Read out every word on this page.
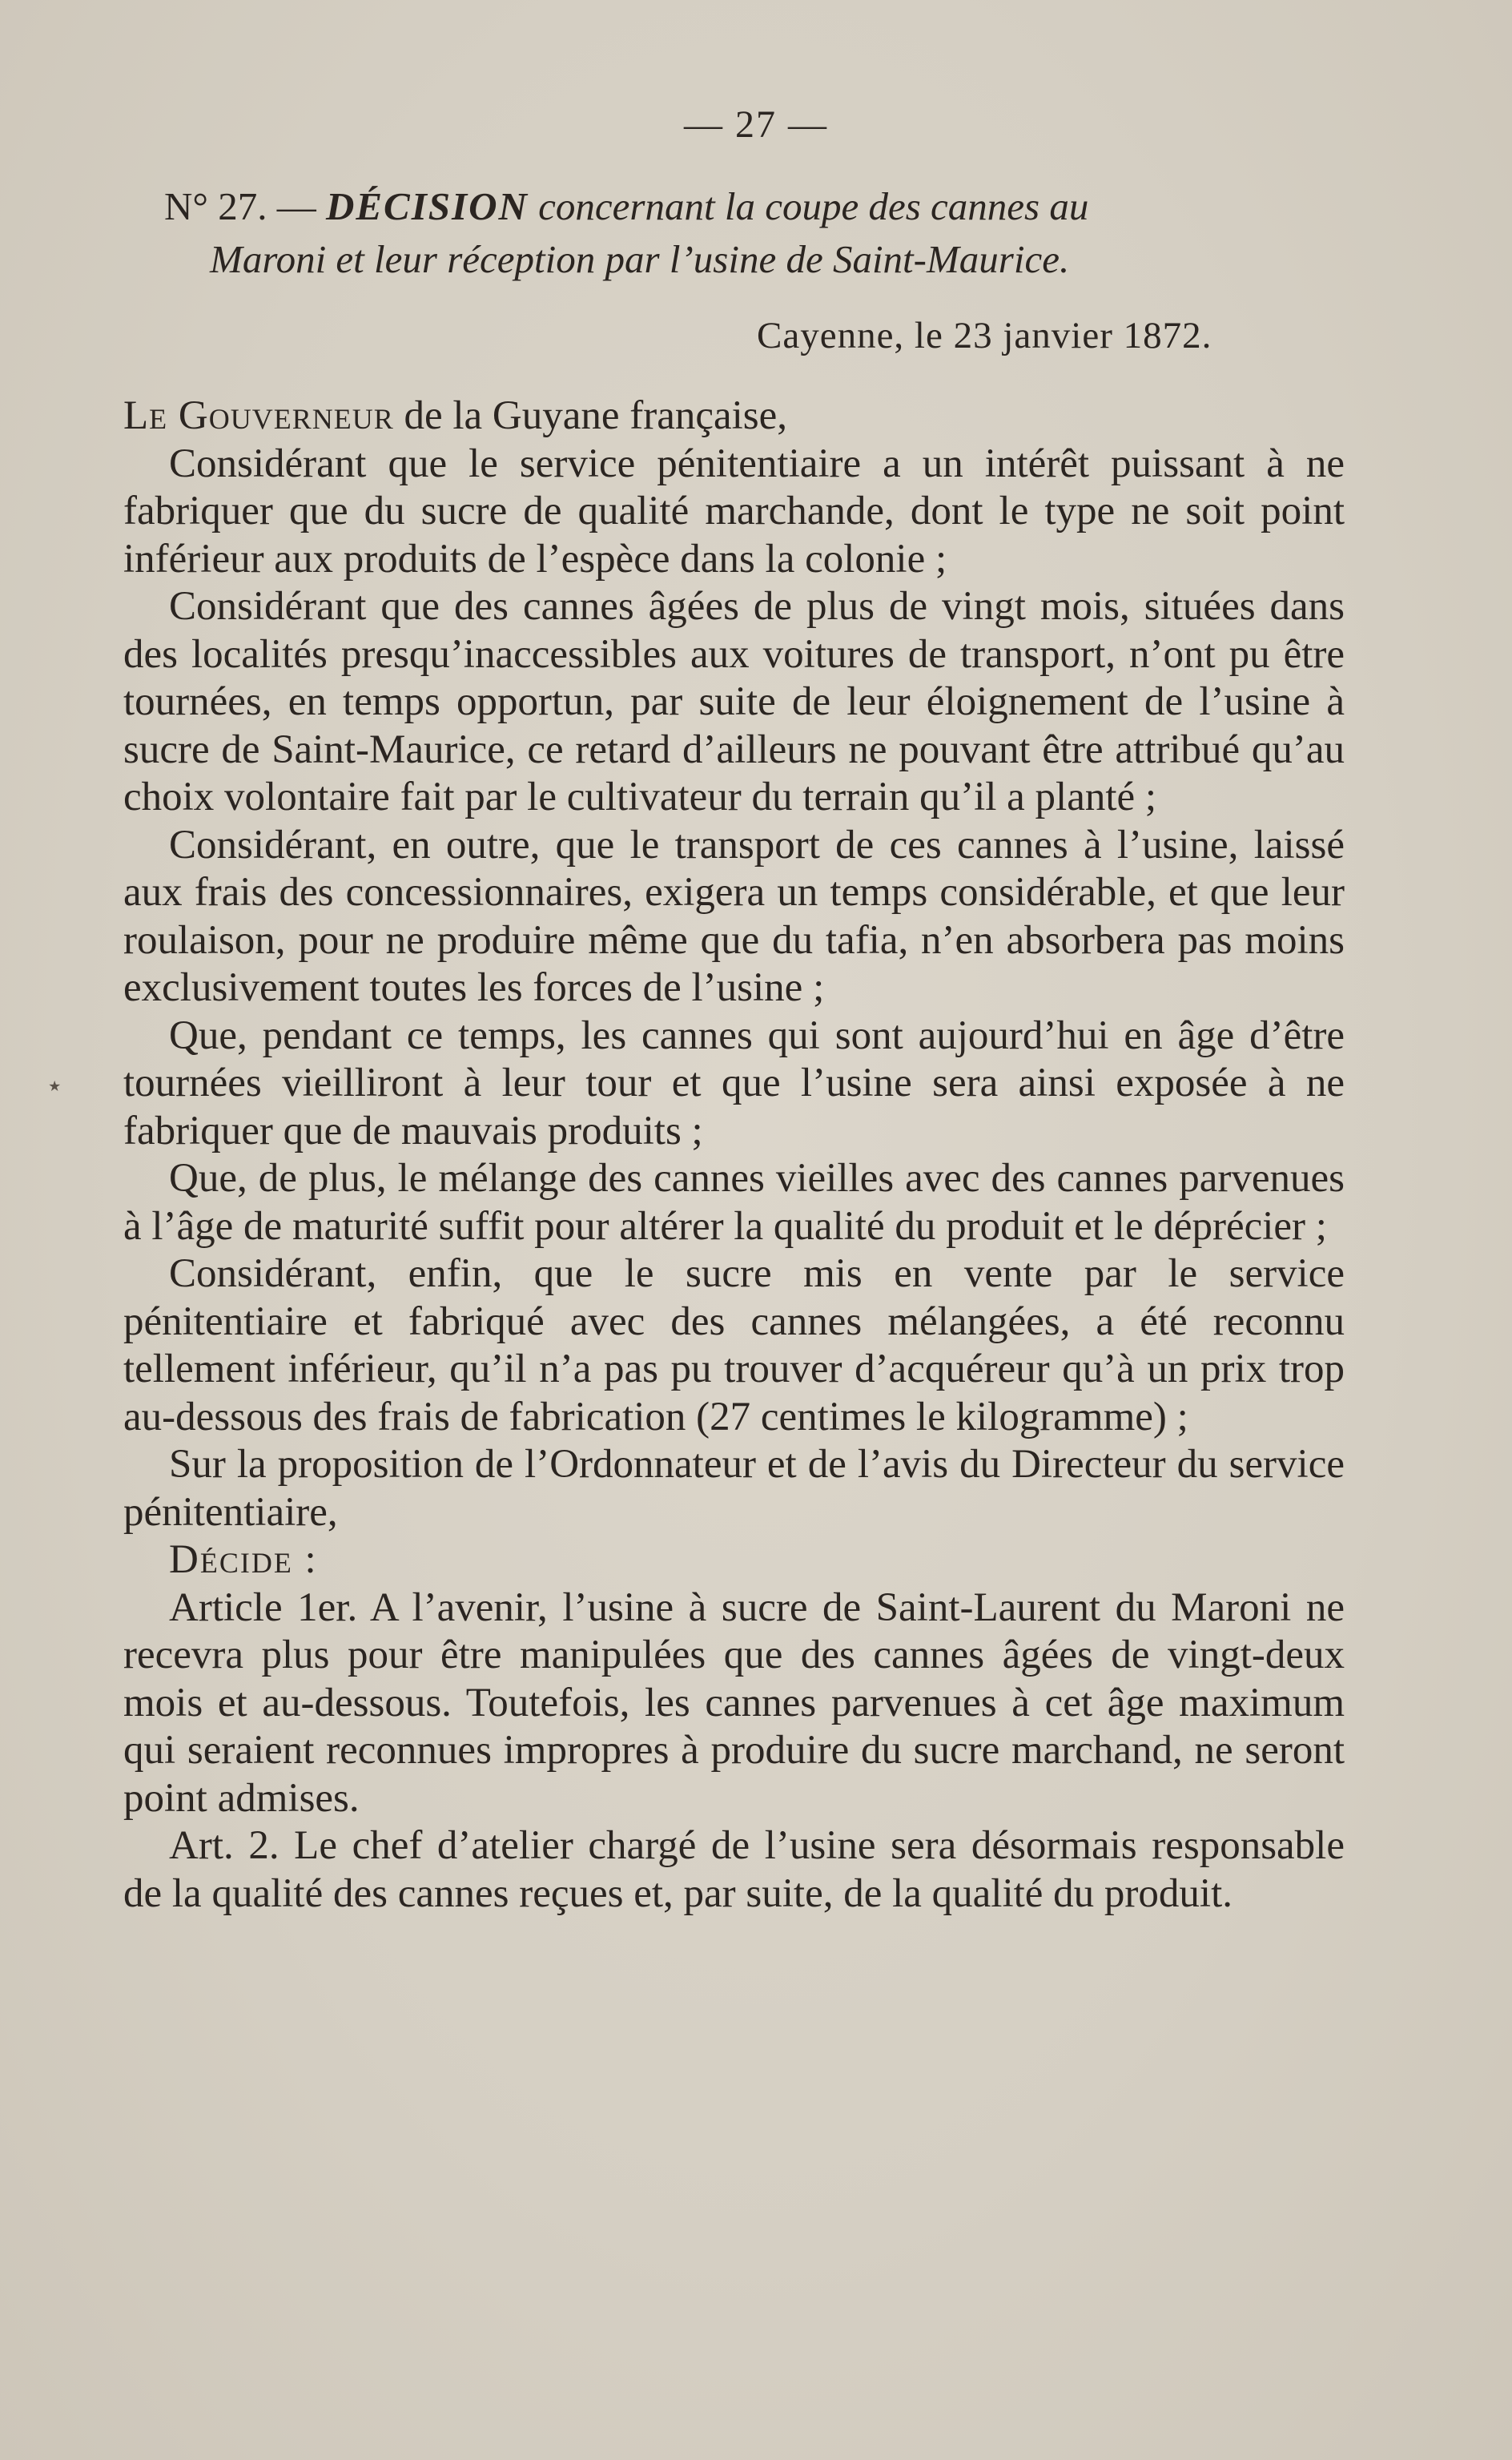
— 27 —
N° 27. — DÉCISION concernant la coupe des cannes au
Maroni et leur réception par l’usine de Saint-Maurice.
Cayenne, le 23 janvier 1872.
٭

Le Gouverneur de la Guyane française,

Considérant que le service pénitentiaire a un intérêt puissant à ne fabriquer que du sucre de qualité marchande, dont le type ne soit point inférieur aux produits de l’espèce dans la colonie ;

Considérant que des cannes âgées de plus de vingt mois, situées dans des localités presqu’inaccessibles aux voitures de transport, n’ont pu être tournées, en temps opportun, par suite de leur éloignement de l’usine à sucre de Saint-Maurice, ce retard d’ailleurs ne pouvant être attribué qu’au choix volontaire fait par le cultivateur du terrain qu’il a planté ;

Considérant, en outre, que le transport de ces cannes à l’usine, laissé aux frais des concessionnaires, exigera un temps considérable, et que leur roulaison, pour ne produire même que du tafia, n’en absorbera pas moins exclusivement toutes les forces de l’usine ;

Que, pendant ce temps, les cannes qui sont aujourd’hui en âge d’être tournées vieilliront à leur tour et que l’usine sera ainsi exposée à ne fabriquer que de mauvais produits ;

Que, de plus, le mélange des cannes vieilles avec des cannes parvenues à l’âge de maturité suffit pour altérer la qualité du produit et le déprécier ;

Considérant, enfin, que le sucre mis en vente par le service pénitentiaire et fabriqué avec des cannes mélangées, a été reconnu tellement inférieur, qu’il n’a pas pu trouver d’acquéreur qu’à un prix trop au-dessous des frais de fabrication (27 centimes le kilogramme) ;

Sur la proposition de l’Ordonnateur et de l’avis du Directeur du service pénitentiaire,

Décide :

Article 1er. A l’avenir, l’usine à sucre de Saint-Laurent du Maroni ne recevra plus pour être manipulées que des cannes âgées de vingt-deux mois et au-dessous. Toutefois, les cannes parvenues à cet âge maximum qui seraient reconnues impropres à produire du sucre marchand, ne seront point admises.

Art. 2. Le chef d’atelier chargé de l’usine sera désormais responsable de la qualité des cannes reçues et, par suite, de la qualité du produit.
